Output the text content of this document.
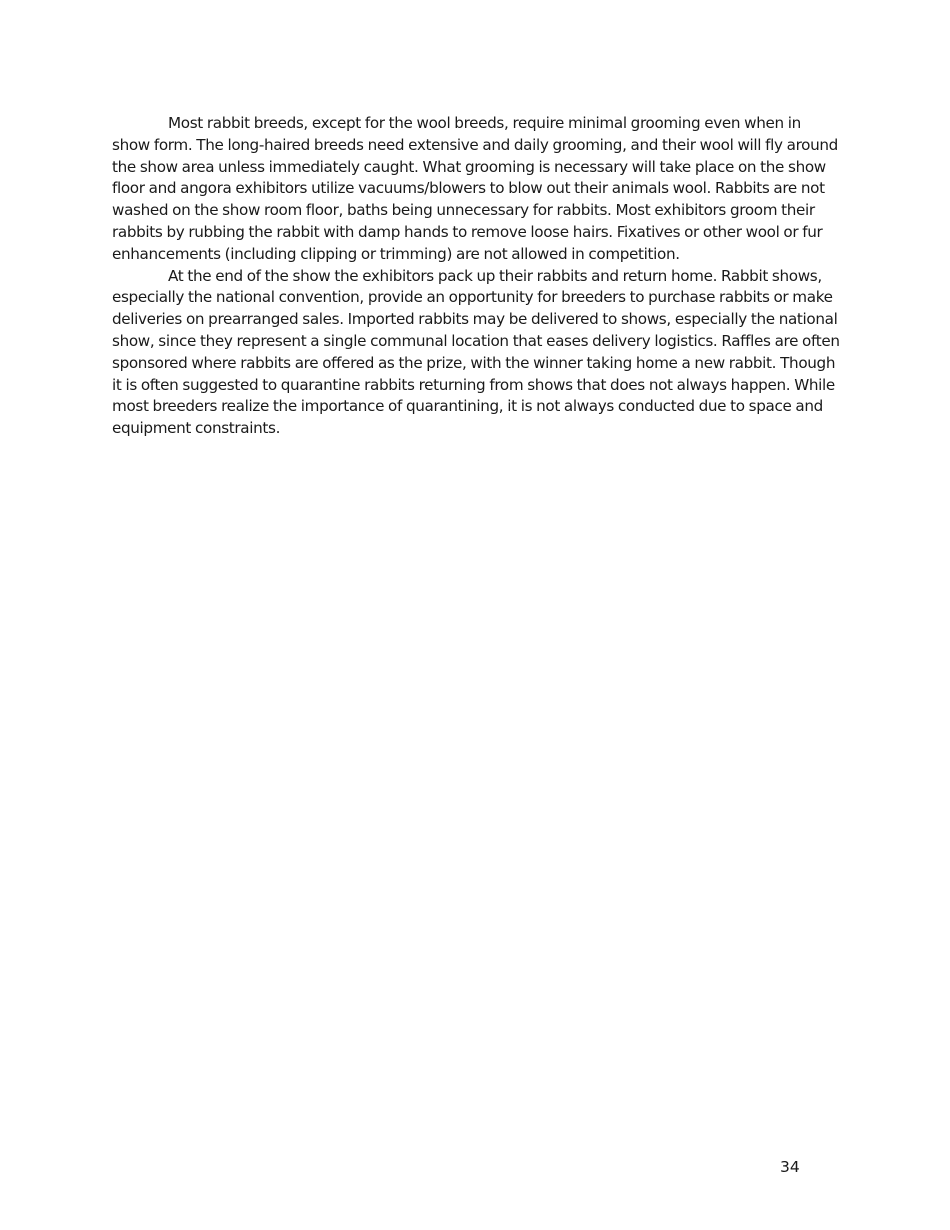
Most rabbit breeds, except for the wool breeds, require minimal grooming even when in show form. The long-haired breeds need extensive and daily grooming, and their wool will fly around the show area unless immediately caught. What grooming is necessary will take place on the show floor and angora exhibitors utilize vacuums/blowers to blow out their animals wool. Rabbits are not washed on the show room floor, baths being unnecessary for rabbits. Most exhibitors groom their rabbits by rubbing the rabbit with damp hands to remove loose hairs. Fixatives or other wool or fur enhancements (including clipping or trimming) are not allowed in competition.

At the end of the show the exhibitors pack up their rabbits and return home. Rabbit shows, especially the national convention, provide an opportunity for breeders to purchase rabbits or make deliveries on prearranged sales. Imported rabbits may be delivered to shows, especially the national show, since they represent a single communal location that eases delivery logistics. Raffles are often sponsored where rabbits are offered as the prize, with the winner taking home a new rabbit. Though it is often suggested to quarantine rabbits returning from shows that does not always happen. While most breeders realize the importance of quarantining, it is not always conducted due to space and equipment constraints.

34
